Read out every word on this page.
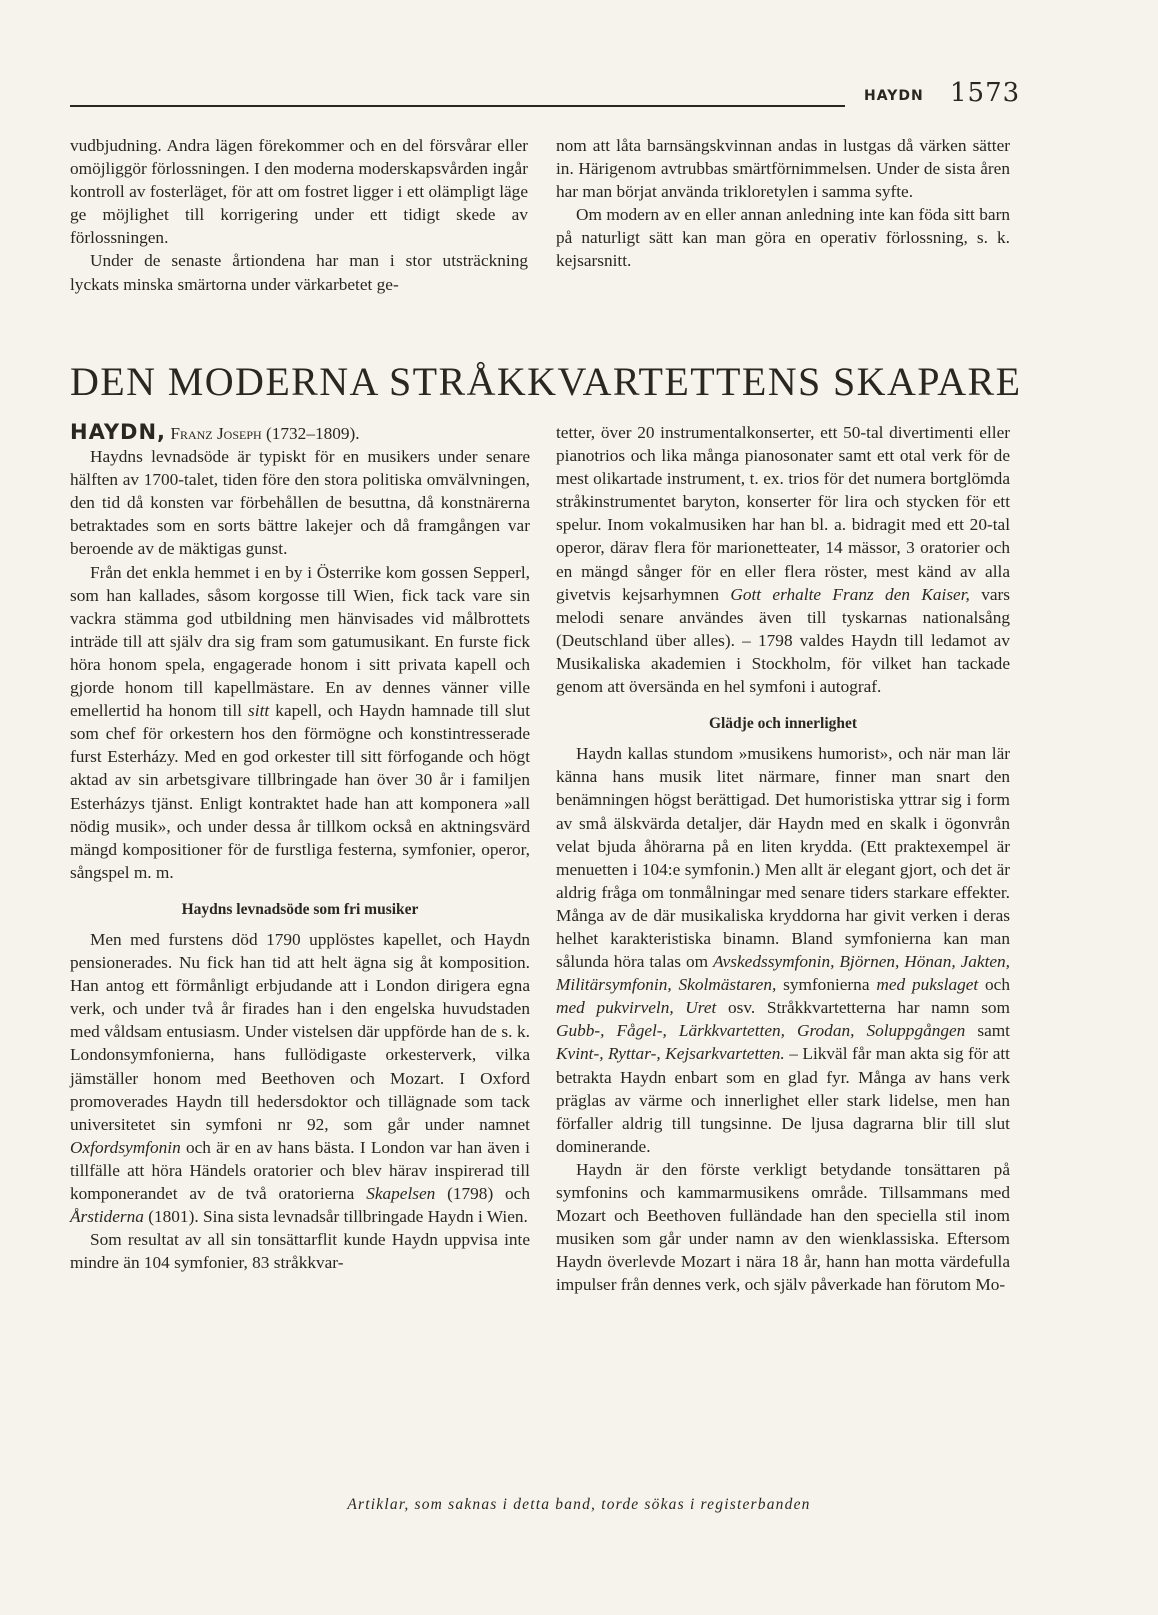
HAYDN 1573

vudbjudning. Andra lägen förekommer och en del försvårar eller omöjliggör förlossningen. I den moderna moderskapsvården ingår kontroll av fosterläget, för att om fostret ligger i ett olämpligt läge ge möjlighet till korrigering under ett tidigt skede av förlossningen.

Under de senaste årtiondena har man i stor utsträckning lyckats minska smärtorna under värkarbetet ge-

nom att låta barnsängskvinnan andas in lustgas då värken sätter in. Härigenom avtrubbas smärtförnimmelsen. Under de sista åren har man börjat använda trikloretylen i samma syfte.

Om modern av en eller annan anledning inte kan föda sitt barn på naturligt sätt kan man göra en operativ förlossning, s. k. kejsarsnitt.

DEN MODERNA STRÅKKVARTETTENS SKAPARE

HAYDN, Franz Joseph (1732–1809).

Haydns levnadsöde är typiskt för en musikers under senare hälften av 1700-talet, tiden före den stora politiska omvälvningen, den tid då konsten var förbehållen de besuttna, då konstnärerna betraktades som en sorts bättre lakejer och då framgången var beroende av de mäktigas gunst.

Från det enkla hemmet i en by i Österrike kom gossen Sepperl, som han kallades, såsom korgosse till Wien, fick tack vare sin vackra stämma god utbildning men hänvisades vid målbrottets inträde till att själv dra sig fram som gatumusikant. En furste fick höra honom spela, engagerade honom i sitt privata kapell och gjorde honom till kapellmästare. En av dennes vänner ville emellertid ha honom till sitt kapell, och Haydn hamnade till slut som chef för orkestern hos den förmögne och konstintresserade furst Esterházy. Med en god orkester till sitt förfogande och högt aktad av sin arbetsgivare tillbringade han över 30 år i familjen Esterházys tjänst. Enligt kontraktet hade han att komponera »all nödig musik», och under dessa år tillkom också en aktningsvärd mängd kompositioner för de furstliga festerna, symfonier, operor, sångspel m. m.

Haydns levnadsöde som fri musiker

Men med furstens död 1790 upplöstes kapellet, och Haydn pensionerades. Nu fick han tid att helt ägna sig åt komposition. Han antog ett förmånligt erbjudande att i London dirigera egna verk, och under två år firades han i den engelska huvudstaden med våldsam entusiasm. Under vistelsen där uppförde han de s. k. Londonsymfonierna, hans fullödigaste orkesterverk, vilka jämställer honom med Beethoven och Mozart. I Oxford promoverades Haydn till hedersdoktor och tillägnade som tack universitetet sin symfoni nr 92, som går under namnet Oxfordsymfonin och är en av hans bästa. I London var han även i tillfälle att höra Händels oratorier och blev härav inspirerad till komponerandet av de två oratorierna Skapelsen (1798) och Årstiderna (1801). Sina sista levnadsår tillbringade Haydn i Wien.

Som resultat av all sin tonsättarflit kunde Haydn uppvisa inte mindre än 104 symfonier, 83 stråkkvar-

tetter, över 20 instrumentalkonserter, ett 50-tal divertimenti eller pianotrios och lika många pianosonater samt ett otal verk för de mest olikartade instrument, t. ex. trios för det numera bortglömda stråkinstrumentet baryton, konserter för lira och stycken för ett spelur. Inom vokalmusiken har han bl. a. bidragit med ett 20-tal operor, därav flera för marionetteater, 14 mässor, 3 oratorier och en mängd sånger för en eller flera röster, mest känd av alla givetvis kejsarhymnen Gott erhalte Franz den Kaiser, vars melodi senare användes även till tyskarnas nationalsång (Deutschland über alles). – 1798 valdes Haydn till ledamot av Musikaliska akademien i Stockholm, för vilket han tackade genom att översända en hel symfoni i autograf.

Glädje och innerlighet

Haydn kallas stundom »musikens humorist», och när man lär känna hans musik litet närmare, finner man snart den benämningen högst berättigad. Det humoristiska yttrar sig i form av små älskvärda detaljer, där Haydn med en skalk i ögonvrån velat bjuda åhörarna på en liten krydda. (Ett praktexempel är menuetten i 104:e symfonin.) Men allt är elegant gjort, och det är aldrig fråga om tonmålningar med senare tiders starkare effekter. Många av de där musikaliska kryddorna har givit verken i deras helhet karakteristiska binamn. Bland symfonierna kan man sålunda höra talas om Avskedssymfonin, Björnen, Hönan, Jakten, Militärsymfonin, Skolmästaren, symfonierna med pukslaget och med pukvirveln, Uret osv. Stråkkvartetterna har namn som Gubb-, Fågel-, Lärkkvartetten, Grodan, Soluppgången samt Kvint-, Ryttar-, Kejsarkvartetten. – Likväl får man akta sig för att betrakta Haydn enbart som en glad fyr. Många av hans verk präglas av värme och innerlighet eller stark lidelse, men han förfaller aldrig till tungsinne. De ljusa dagrarna blir till slut dominerande.

Haydn är den förste verkligt betydande tonsättaren på symfonins och kammarmusikens område. Tillsammans med Mozart och Beethoven fulländade han den speciella stil inom musiken som går under namn av den wienklassiska. Eftersom Haydn överlevde Mozart i nära 18 år, hann han motta värdefulla impulser från dennes verk, och själv påverkade han förutom Mo-

Artiklar, som saknas i detta band, torde sökas i registerbanden
